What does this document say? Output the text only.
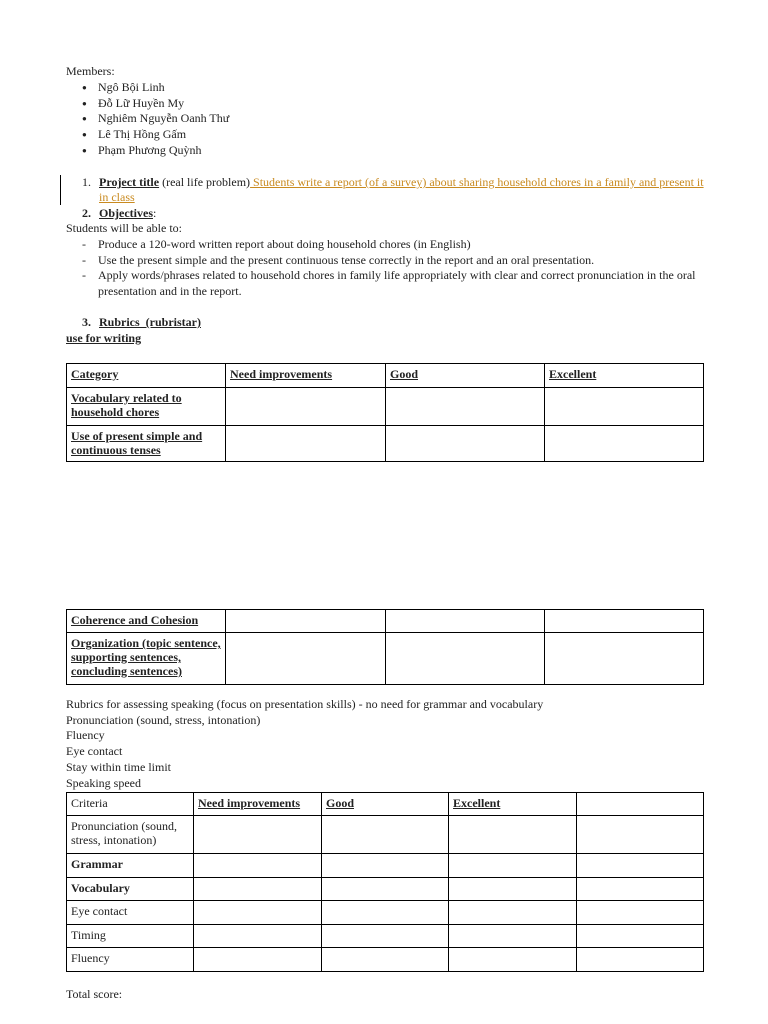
Members:
● Ngô Bội Linh
● Đỗ Lữ Huyền My
● Nghiêm Nguyễn Oanh Thư
● Lê Thị Hồng Gấm
● Phạm Phương Quỳnh
1. Project title (real life problem) Students write a report (of a survey) about sharing household chores in a family and present it
in class
2. Objectives:
Students will be able to:
- Produce a 120-word written report about doing household chores (in English)
- Use the present simple and the present continuous tense correctly in the report and an oral presentation.
- Apply words/phrases related to household chores in family life appropriately with clear and correct pronunciation in the oral presentation and in the report.
3. Rubrics  (rubristar)
use for writing
Category	Need improvements	Good	Excellent
Vocabulary related to household chores			
Use of present simple and continuous tenses			
Coherence and Cohesion			
Organization (topic sentence, supporting sentences, concluding sentences)			
Rubrics for assessing speaking (focus on presentation skills) - no need for grammar and vocabulary
Pronunciation (sound, stress, intonation)
Fluency
Eye contact
Stay within time limit
Speaking speed
Criteria	Need improvements	Good	Excellent	
Pronunciation (sound, stress, intonation)				
Grammar				
Vocabulary				
Eye contact				
Timing				
Fluency				
Total score:
